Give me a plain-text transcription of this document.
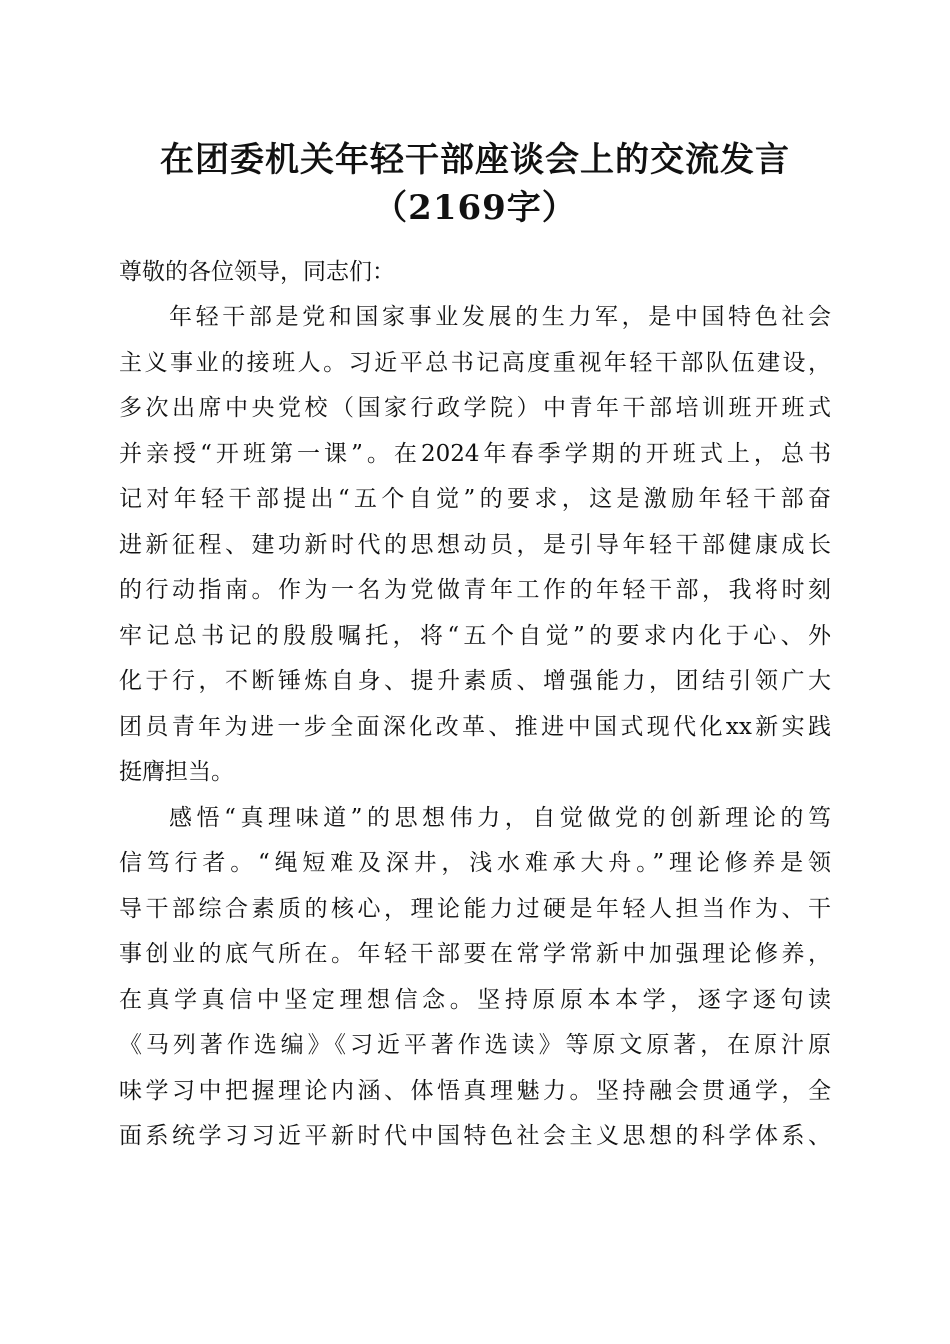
在团委机关年轻干部座谈会上的交流发言
（2169字）

尊敬的各位领导，同志们：

年轻干部是党和国家事业发展的生力军，是中国特色社会
主义事业的接班人。习近平总书记高度重视年轻干部队伍建设，
多次出席中央党校（国家行政学院）中青年干部培训班开班式
并亲授“开班第一课”。在2024年春季学期的开班式上，总书
记对年轻干部提出“五个自觉”的要求，这是激励年轻干部奋
进新征程、建功新时代的思想动员，是引导年轻干部健康成长
的行动指南。作为一名为党做青年工作的年轻干部，我将时刻
牢记总书记的殷殷嘱托，将“五个自觉”的要求内化于心、外
化于行，不断锤炼自身、提升素质、增强能力，团结引领广大
团员青年为进一步全面深化改革、推进中国式现代化xx新实践
挺膺担当。
感悟“真理味道”的思想伟力，自觉做党的创新理论的笃
信笃行者。“绳短难及深井，浅水难承大舟。”理论修养是领
导干部综合素质的核心，理论能力过硬是年轻人担当作为、干
事创业的底气所在。年轻干部要在常学常新中加强理论修养，
在真学真信中坚定理想信念。坚持原原本本学，逐字逐句读
《马列著作选编》《习近平著作选读》等原文原著，在原汁原
味学习中把握理论内涵、体悟真理魅力。坚持融会贯通学，全
面系统学习习近平新时代中国特色社会主义思想的科学体系、
